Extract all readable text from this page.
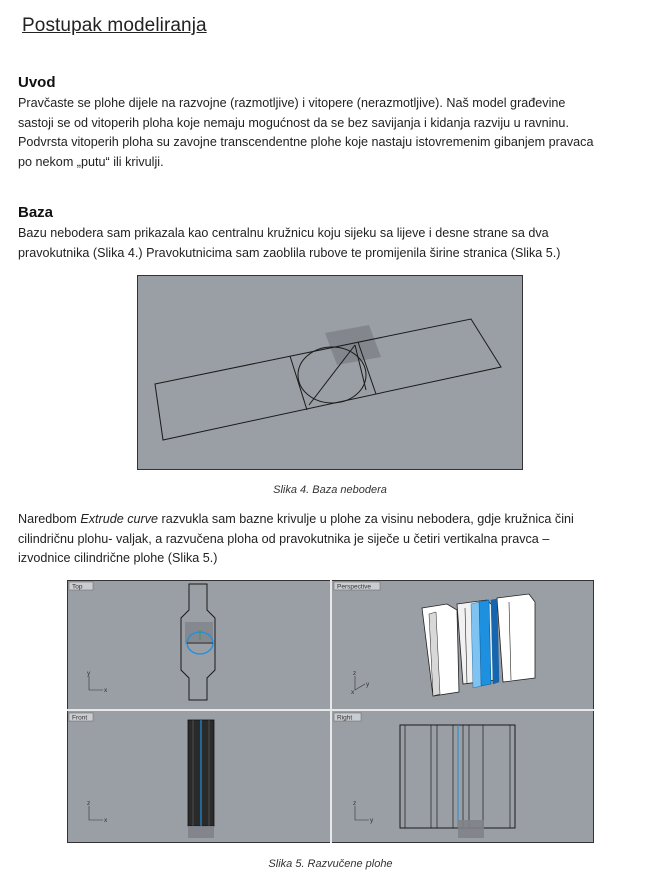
Postupak modeliranja
Uvod
Pravčaste se plohe dijele na razvojne (razmotljive) i vitopere (nerazmotljive). Naš model građevine
sastoji se od vitoperih ploha koje nemaju mogućnost da se bez savijanja i kidanja razviju u ravninu.
Podvrsta vitoperih ploha su zavojne transcendentne plohe koje nastaju istovremenim gibanjem pravaca
po nekom „putu“ ili krivulji.
Baza
Bazu nebodera sam prikazala kao centralnu kružnicu koju sijeku sa lijeve i desne strane sa dva
pravokutnika (Slika 4.) Pravokutnicima sam zaoblila rubove te promijenila širine stranica (Slika 5.)

Slika 4. Baza nebodera

Naredbom Extrude curve razvukla sam bazne krivulje u plohe za visinu nebodera, gdje kružnica čini
cilindričnu plohu- valjak, a razvučena ploha od pravokutnika je siječe u četiri vertikalna pravca –
izvodnice cilindrične plohe (Slika 5.)
Top
y
x
Perspective
z
y
x
Front
z
x
Right
z
y

Slika 5. Razvučene plohe
